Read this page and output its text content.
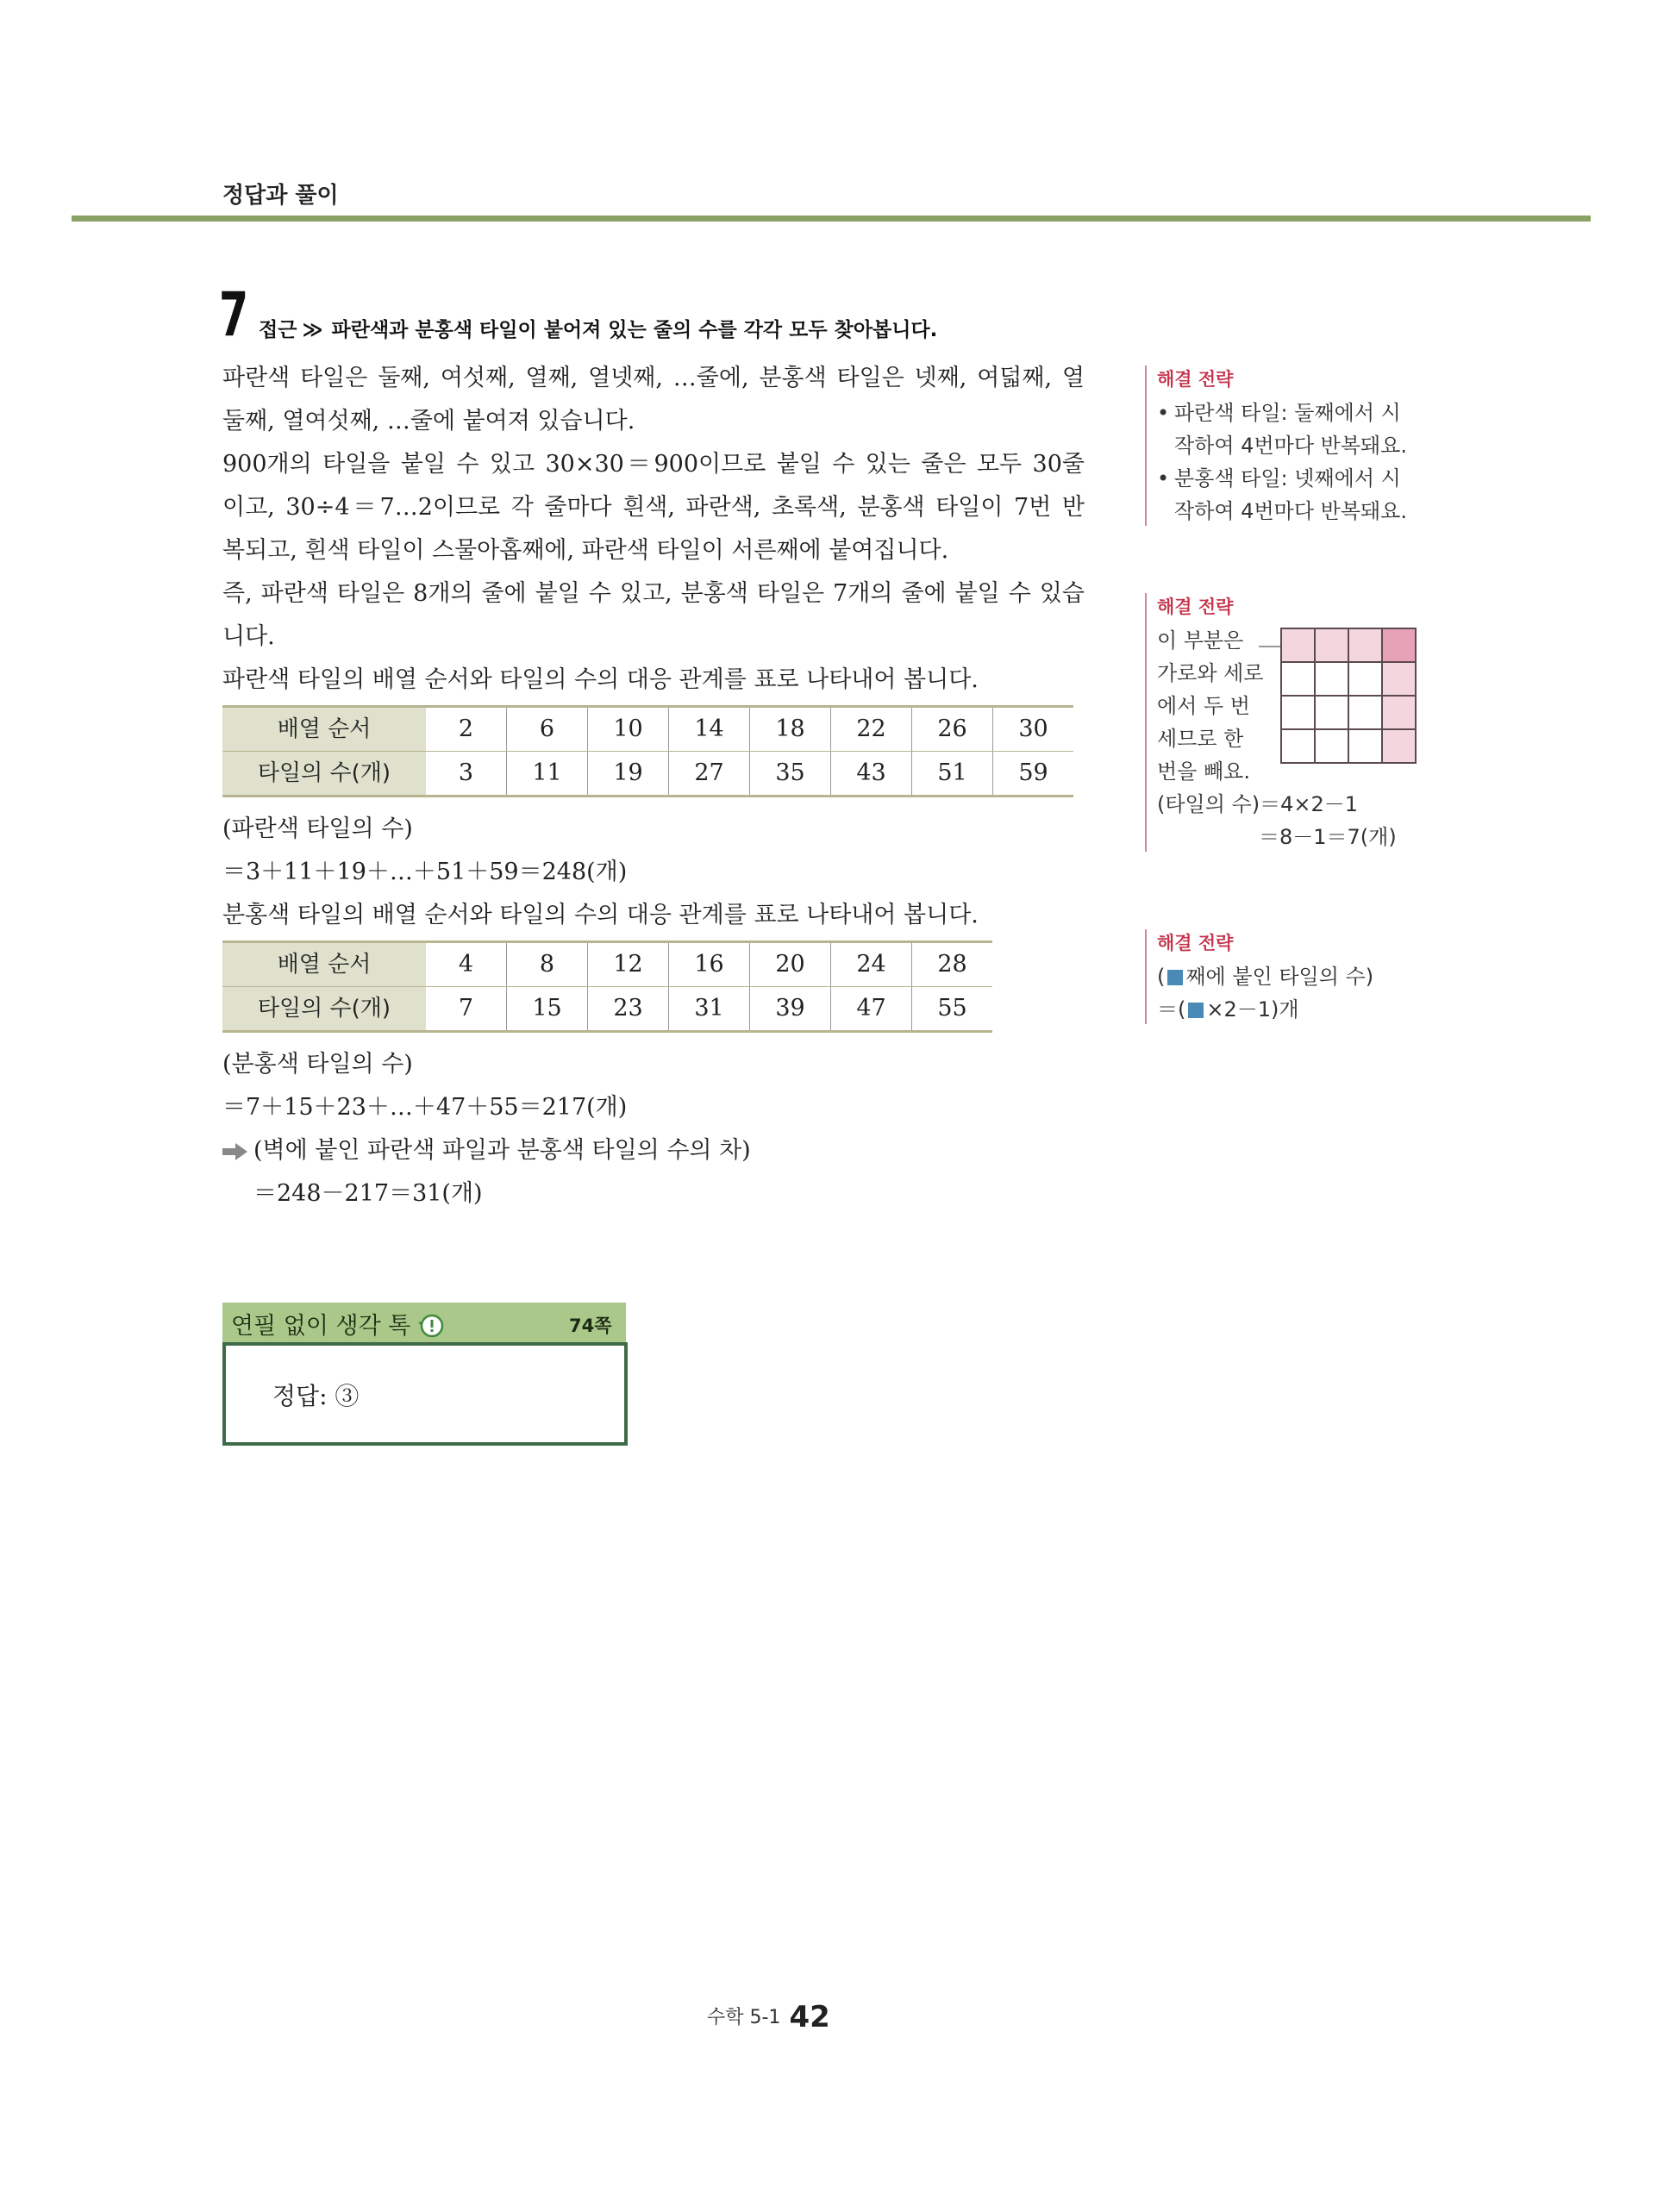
정답과 풀이
7 접근 ≫ 파란색과 분홍색 타일이 붙어져 있는 줄의 수를 각각 모두 찾아봅니다.

파란색 타일은 둘째, 여섯째, 열째, 열넷째, …줄에, 분홍색 타일은 넷째, 여덟째, 열

둘째, 열여섯째, …줄에 붙여져 있습니다.

900개의 타일을 붙일 수 있고 30×30＝900이므로 붙일 수 있는 줄은 모두 30줄

이고, 30÷4＝7…2이므로 각 줄마다 흰색, 파란색, 초록색, 분홍색 타일이 7번 반

복되고, 흰색 타일이 스물아홉째에, 파란색 타일이 서른째에 붙여집니다.

즉, 파란색 타일은 8개의 줄에 붙일 수 있고, 분홍색 타일은 7개의 줄에 붙일 수 있습

니다.

파란색 타일의 배열 순서와 타일의 수의 대응 관계를 표로 나타내어 봅니다.

배열 순서	2	6	10	14	18	22	26	30
타일의 수(개)	3	11	19	27	35	43	51	59

(파란색 타일의 수)

＝3＋11＋19＋…＋51＋59＝248(개)

분홍색 타일의 배열 순서와 타일의 수의 대응 관계를 표로 나타내어 봅니다.

배열 순서	4	8	12	16	20	24	28
타일의 수(개)	7	15	23	31	39	47	55

(분홍색 타일의 수)

＝7＋15＋23＋…＋47＋55＝217(개)

(벽에 붙인 파란색 파일과 분홍색 타일의 수의 차)

＝248－217＝31(개)

해결 전략
• 파란색 타일: 둘째에서 시
작하여 4번마다 반복돼요.
• 분홍색 타일: 넷째에서 시
작하여 4번마다 반복돼요.
해결 전략
이 부분은
가로와 세로
에서 두 번
세므로 한
번을 빼요.
(타일의 수)＝4×2－1
＝8－1＝7(개)

해결 전략
( 째에 붙인 타일의 수)
＝( ×2－1)개
연필 없이 생각 톡	74쪽
정답: ③
수학 5-1 42
